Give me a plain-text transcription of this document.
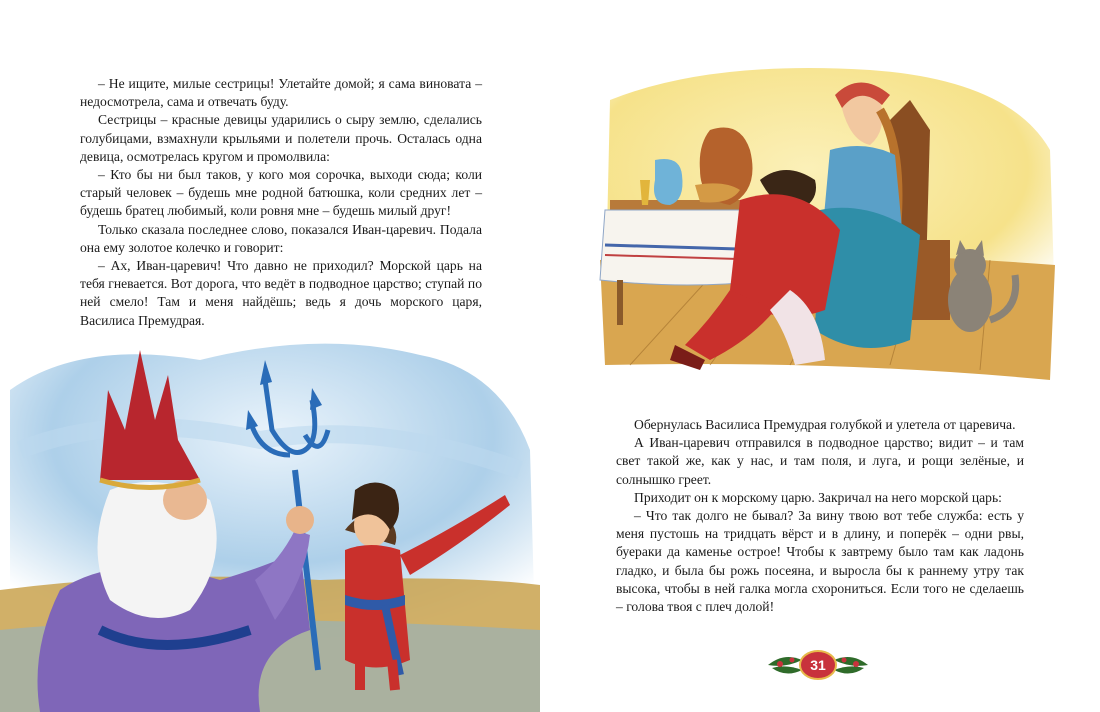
– Не ищите, милые сестрицы! Улетайте домой; я сама виновата – недосмотрела, сама и отвечать буду.

Сестрицы – красные девицы ударились о сыру землю, сделались голубицами, взмахнули крыльями и полетели прочь. Осталась одна девица, осмотрелась кругом и промолвила:

– Кто бы ни был таков, у кого моя сорочка, выходи сюда; коли старый человек – будешь мне родной батюшка, коли средних лет – будешь братец любимый, коли ровня мне – будешь милый друг!

Только сказала последнее слово, показался Иван-царевич. Подала она ему золотое колечко и говорит:

– Ах, Иван-царевич! Что давно не приходил? Морской царь на тебя гневается. Вот дорога, что ведёт в подводное царство; ступай по ней смело! Там и меня найдёшь; ведь я дочь морского царя, Василиса Премудрая.

Обернулась Василиса Премудрая голубкой и улетела от царевича.

А Иван-царевич отправился в подводное царство; видит – и там свет такой же, как у нас, и там поля, и луга, и рощи зелёные, и солнышко греет.

Приходит он к морскому царю. Закричал на него морской царь:

– Что так долго не бывал? За вину твою вот тебе служба: есть у меня пустошь на тридцать вёрст и в длину, и поперёк – одни рвы, буераки да каменье острое! Чтобы к завтрему было там как ладонь гладко, и была бы рожь посеяна, и выросла бы к раннему утру так высока, чтобы в ней галка могла схорониться. Если того не сделаешь – голова твоя с плеч долой!

31
